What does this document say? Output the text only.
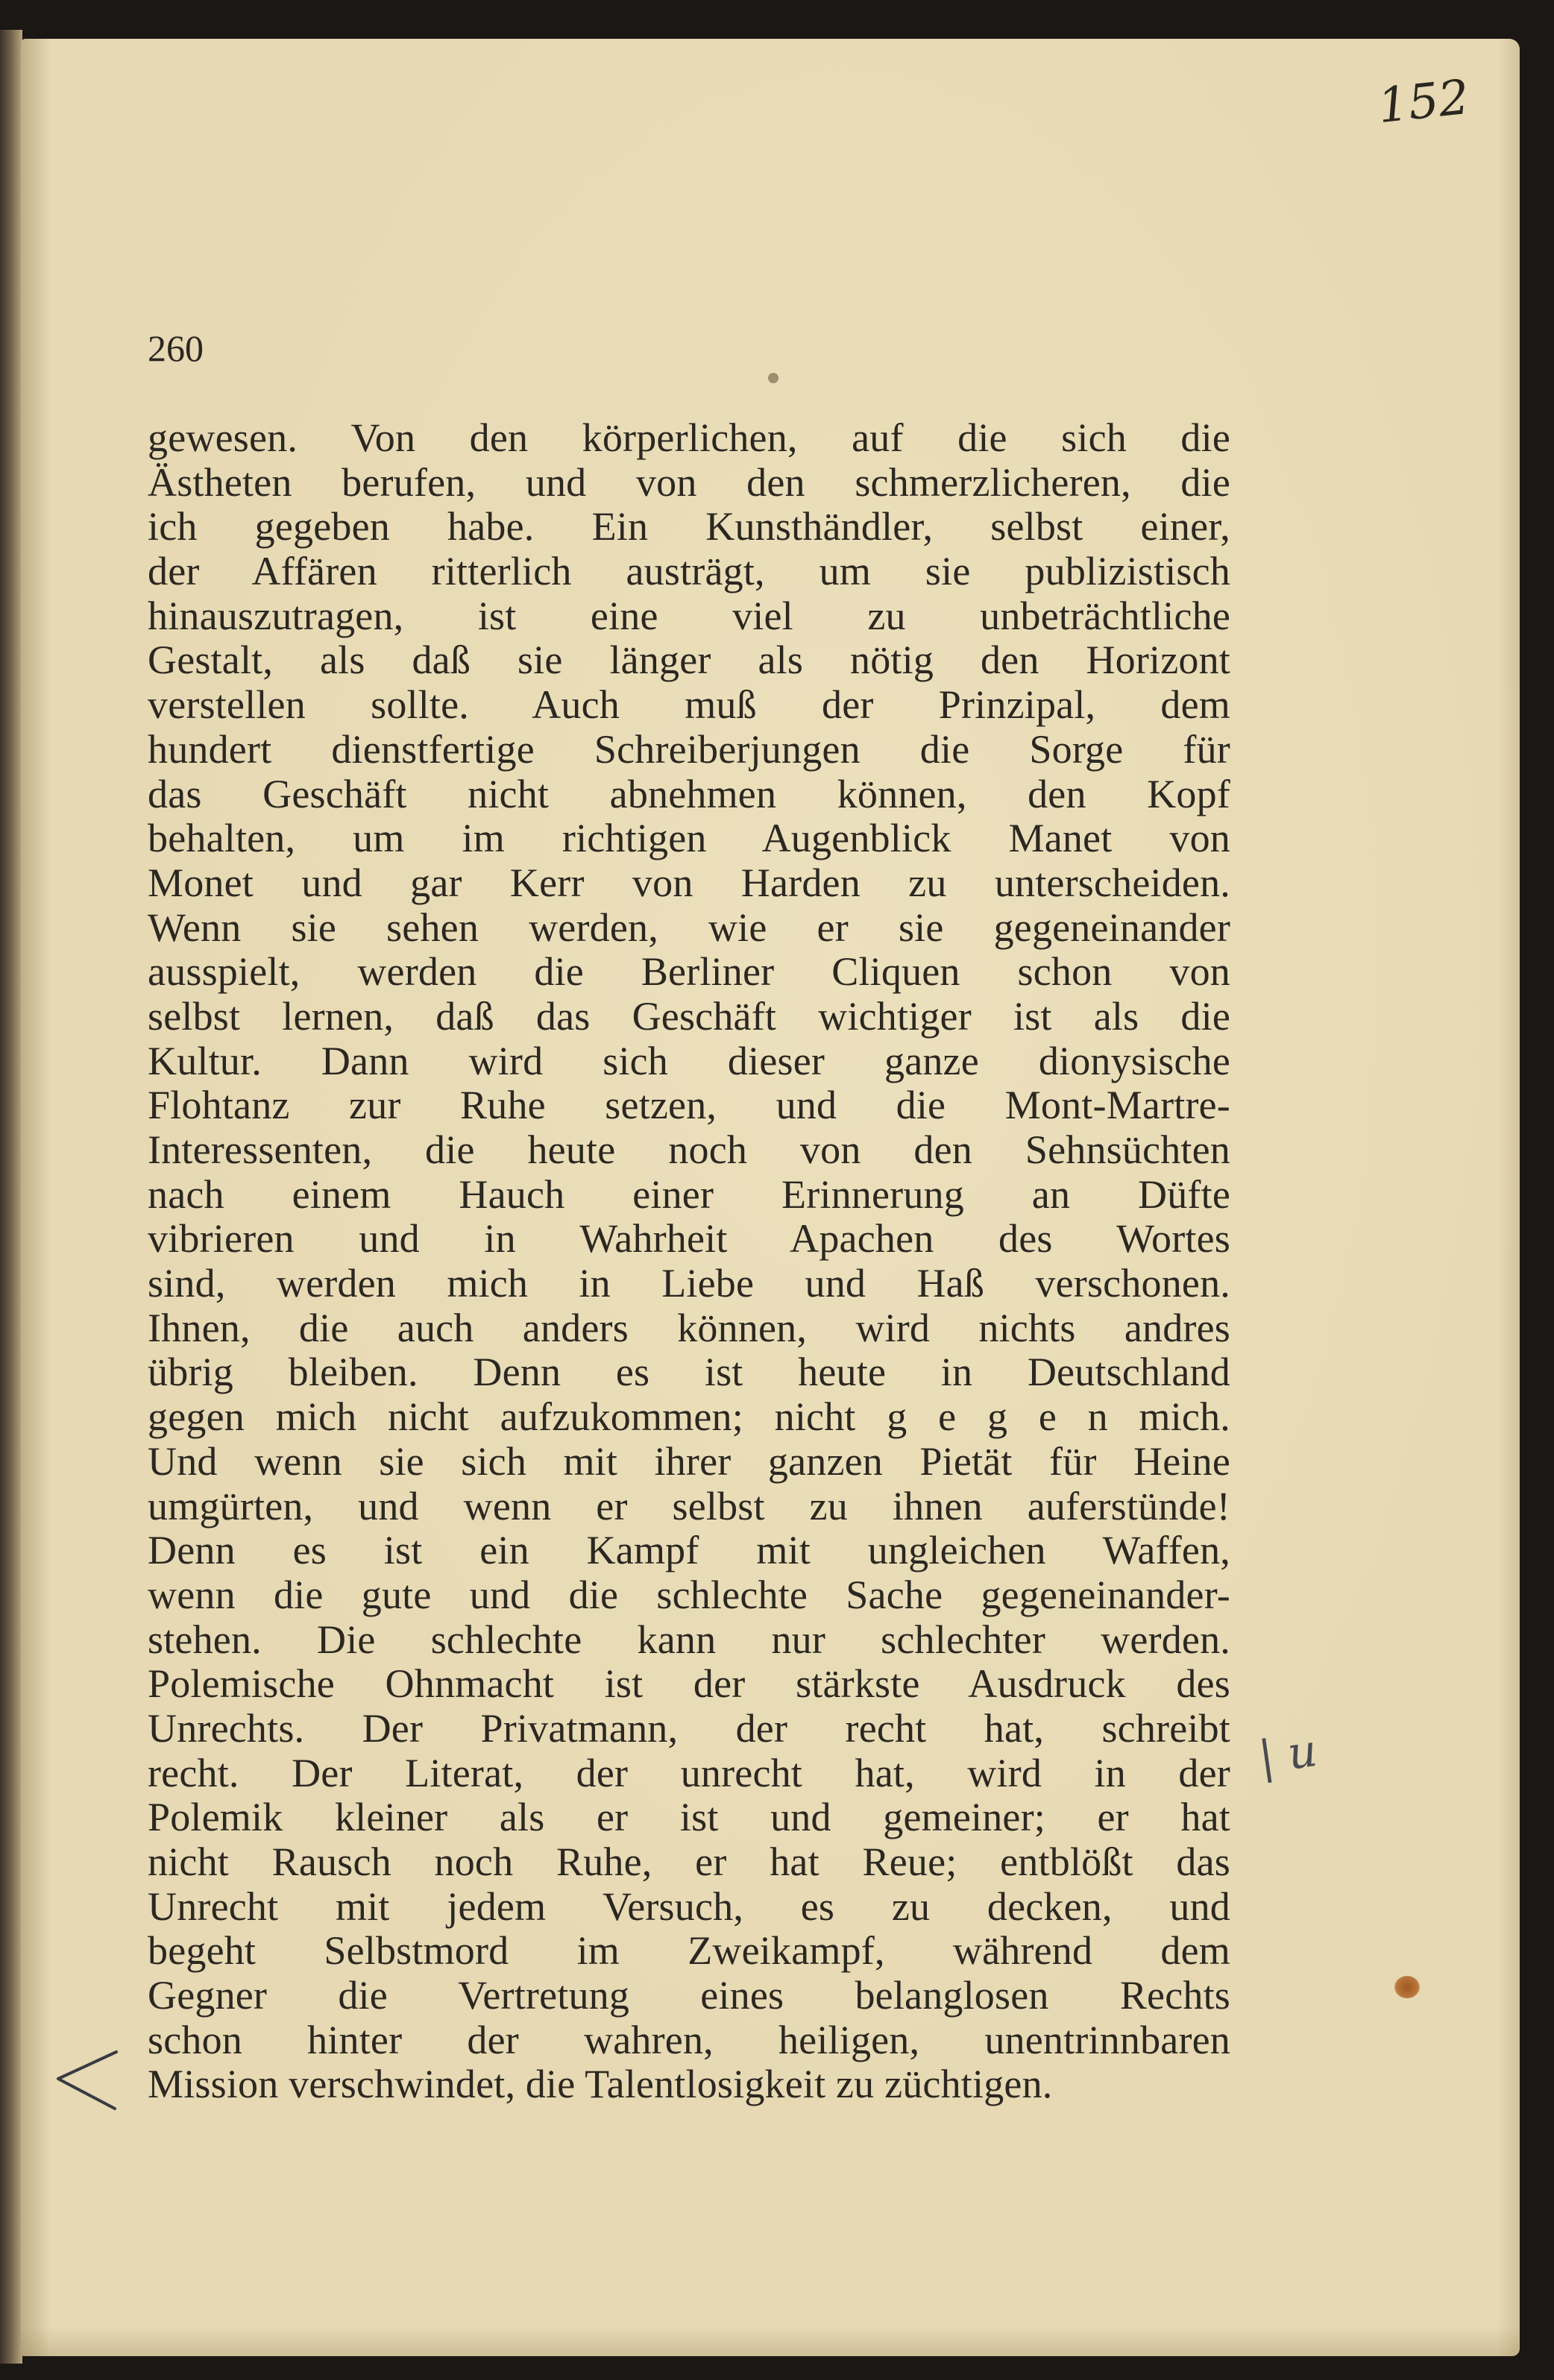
152
260
gewesen. Von den körperlichen, auf die sich die
Ästheten berufen, und von den schmerzlicheren, die
ich gegeben habe. Ein Kunsthändler, selbst einer,
der Affären ritterlich austrägt, um sie publizistisch
hinauszutragen, ist eine viel zu unbeträchtliche
Gestalt, als daß sie länger als nötig den Horizont
verstellen sollte. Auch muß der Prinzipal, dem
hundert dienstfertige Schreiberjungen die Sorge für
das Geschäft nicht abnehmen können, den Kopf
behalten, um im richtigen Augenblick Manet von
Monet und gar Kerr von Harden zu unterscheiden.
Wenn sie sehen werden, wie er sie gegeneinander
ausspielt, werden die Berliner Cliquen schon von
selbst lernen, daß das Geschäft wichtiger ist als die
Kultur. Dann wird sich dieser ganze dionysische
Flohtanz zur Ruhe setzen, und die Mont-Martre-
Interessenten, die heute noch von den Sehnsüchten
nach einem Hauch einer Erinnerung an Düfte
vibrieren und in Wahrheit Apachen des Wortes
sind, werden mich in Liebe und Haß verschonen.
Ihnen, die auch anders können, wird nichts andres
übrig bleiben. Denn es ist heute in Deutschland
gegen mich nicht aufzukommen; nicht g e g e n mich.
Und wenn sie sich mit ihrer ganzen Pietät für Heine
umgürten, und wenn er selbst zu ihnen auferstünde!
Denn es ist ein Kampf mit ungleichen Waffen,
wenn die gute und die schlechte Sache gegeneinander-
stehen. Die schlechte kann nur schlechter werden.
Polemische Ohnmacht ist der stärkste Ausdruck des
Unrechts. Der Privatmann, der recht hat, schreibt
recht. Der Literat, der unrecht hat, wird in der
Polemik kleiner als er ist und gemeiner; er hat
nicht Rausch noch Ruhe, er hat Reue; entblößt das
Unrecht mit jedem Versuch, es zu decken, und
begeht Selbstmord im Zweikampf, während dem
Gegner die Vertretung eines belanglosen Rechts
schon hinter der wahren, heiligen, unentrinnbaren
Mission verschwindet, die Talentlosigkeit zu züchtigen.
| u
